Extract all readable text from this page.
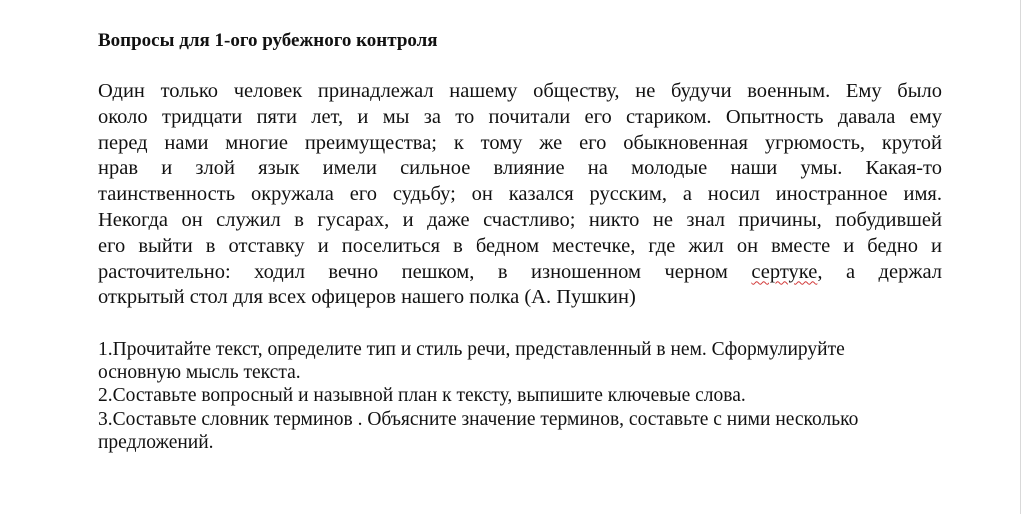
Вопросы для 1-ого рубежного контроля
Один только человек принадлежал нашему обществу, не будучи военным. Ему было
около тридцати пяти лет, и мы за то почитали его стариком. Опытность давала ему
перед нами многие преимущества; к тому же его обыкновенная угрюмость, крутой
нрав и злой язык имели сильное влияние на молодые наши умы. Какая-то
таинственность окружала его судьбу; он казался русским, а носил иностранное имя.
Некогда он служил в гусарах, и даже счастливо; никто не знал причины, побудившей
его выйти в отставку и поселиться в бедном местечке, где жил он вместе и бедно и
расточительно: ходил вечно пешком, в изношенном черном сертуке, а держал
открытый стол для всех офицеров нашего полка (А. Пушкин)
1.Прочитайте текст, определите тип и стиль речи, представленный в нем. Сформулируйте
основную мысль текста.
2.Составьте вопросный и назывной план к тексту, выпишите ключевые слова.
3.Составьте словник терминов . Объясните значение терминов, составьте с ними несколько
предложений.
